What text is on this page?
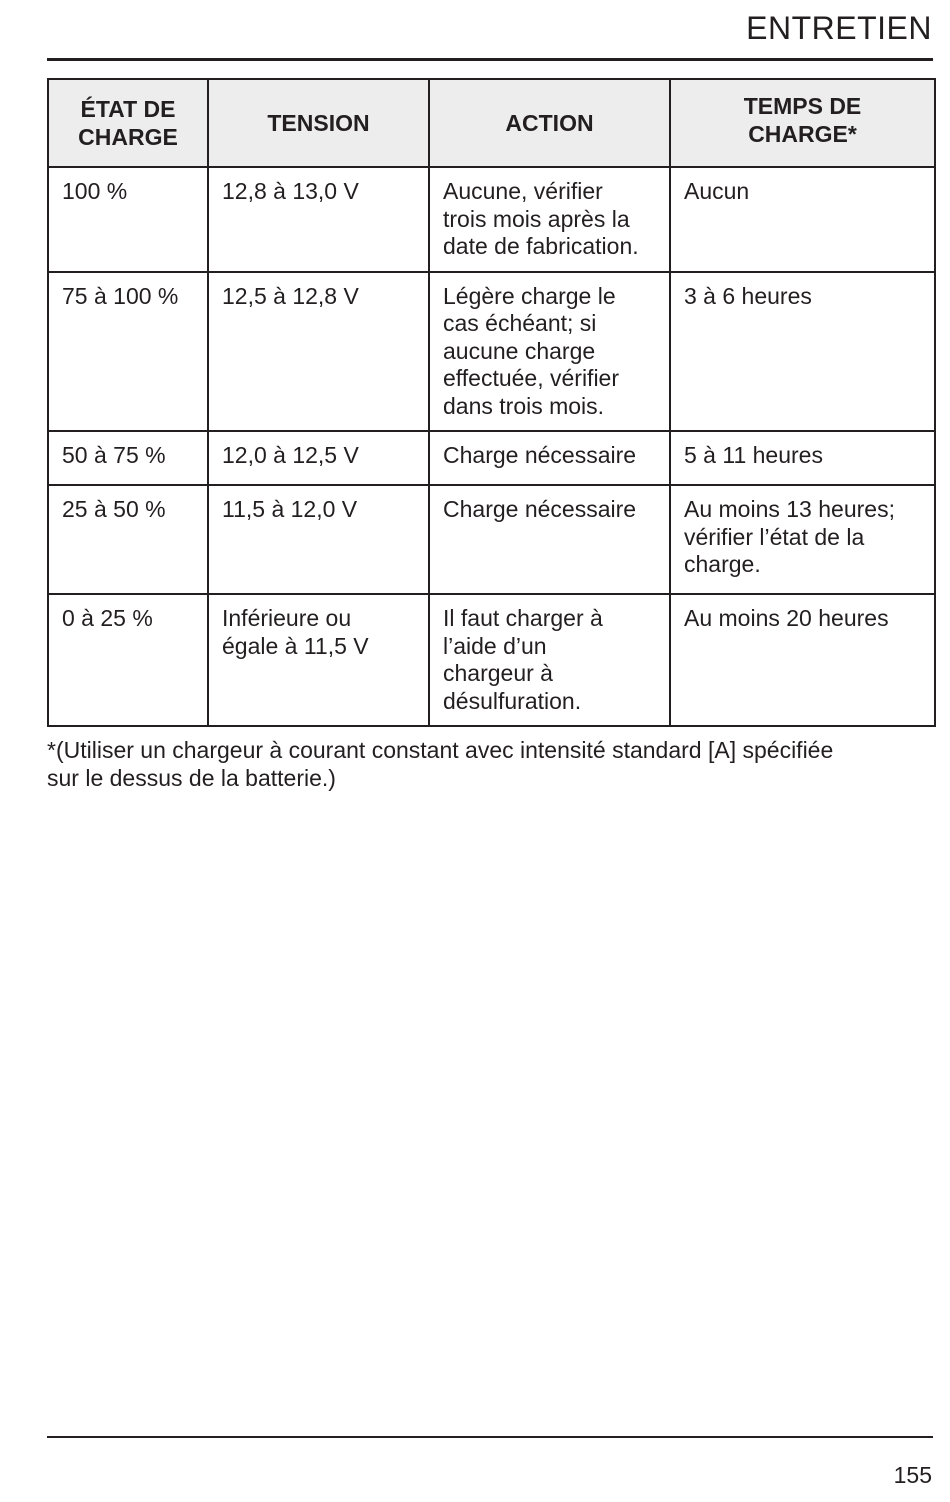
ENTRETIEN
ÉTAT DE
CHARGE	TENSION	ACTION	TEMPS DE
CHARGE*
100 %	12,8 à 13,0 V	Aucune, vérifier
trois mois après la
date de fabrication.	Aucun
75 à 100 %	12,5 à 12,8 V	Légère charge le
cas échéant; si
aucune charge
effectuée, vérifier
dans trois mois.	3 à 6 heures
50 à 75 %	12,0 à 12,5 V	Charge nécessaire	5 à 11 heures
25 à 50 %	11,5 à 12,0 V	Charge nécessaire	Au moins 13 heures;
vérifier l’état de la
charge.
0 à 25 %	Inférieure ou
égale à 11,5 V	Il faut charger à
l’aide d’un
chargeur à
désulfuration.	Au moins 20 heures
*(Utiliser un chargeur à courant constant avec intensité standard [A] spécifiée
sur le dessus de la batterie.)
155
